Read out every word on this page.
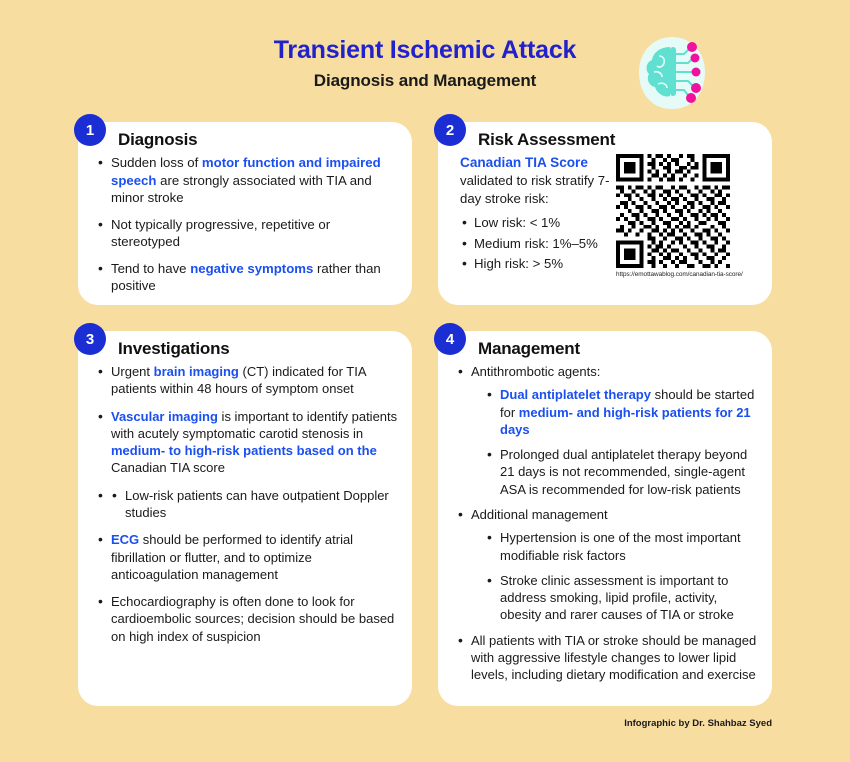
Transient Ischemic Attack
Diagnosis and Management
1	Diagnosis
• Sudden loss of motor function and impaired speech are strongly associated with TIA and minor stroke
• Not typically progressive, repetitive or stereotyped
• Tend to have negative symptoms rather than positive
2	Risk Assessment
Canadian TIA Score validated to risk stratify 7-day stroke risk:
• Low risk: < 1%
• Medium risk: 1%–5%
• High risk: > 5%
https://emottawablog.com/canadian-tia-score/
3	Investigations
• Urgent brain imaging (CT) indicated for TIA patients within 48 hours of symptom onset
• Vascular imaging is important to identify patients with acutely symptomatic carotid stenosis in medium- to high-risk patients based on the Canadian TIA score
• • Low-risk patients can have outpatient Doppler studies
• ECG should be performed to identify atrial fibrillation or flutter, and to optimize anticoagulation management
• Echocardiography is often done to look for cardioembolic sources; decision should be based on high index of suspicion
4	Management
• Antithrombotic agents:
• Dual antiplatelet therapy should be started for medium- and high-risk patients for 21 days
• Prolonged dual antiplatelet therapy beyond 21 days is not recommended, single-agent ASA is recommended for low-risk patients
• Additional management
• Hypertension is one of the most important modifiable risk factors
• Stroke clinic assessment is important to address smoking, lipid profile, activity, obesity and rarer causes of TIA or stroke
• All patients with TIA or stroke should be managed with aggressive lifestyle changes to lower lipid levels, including dietary modification and exercise
Infographic by Dr. Shahbaz Syed
